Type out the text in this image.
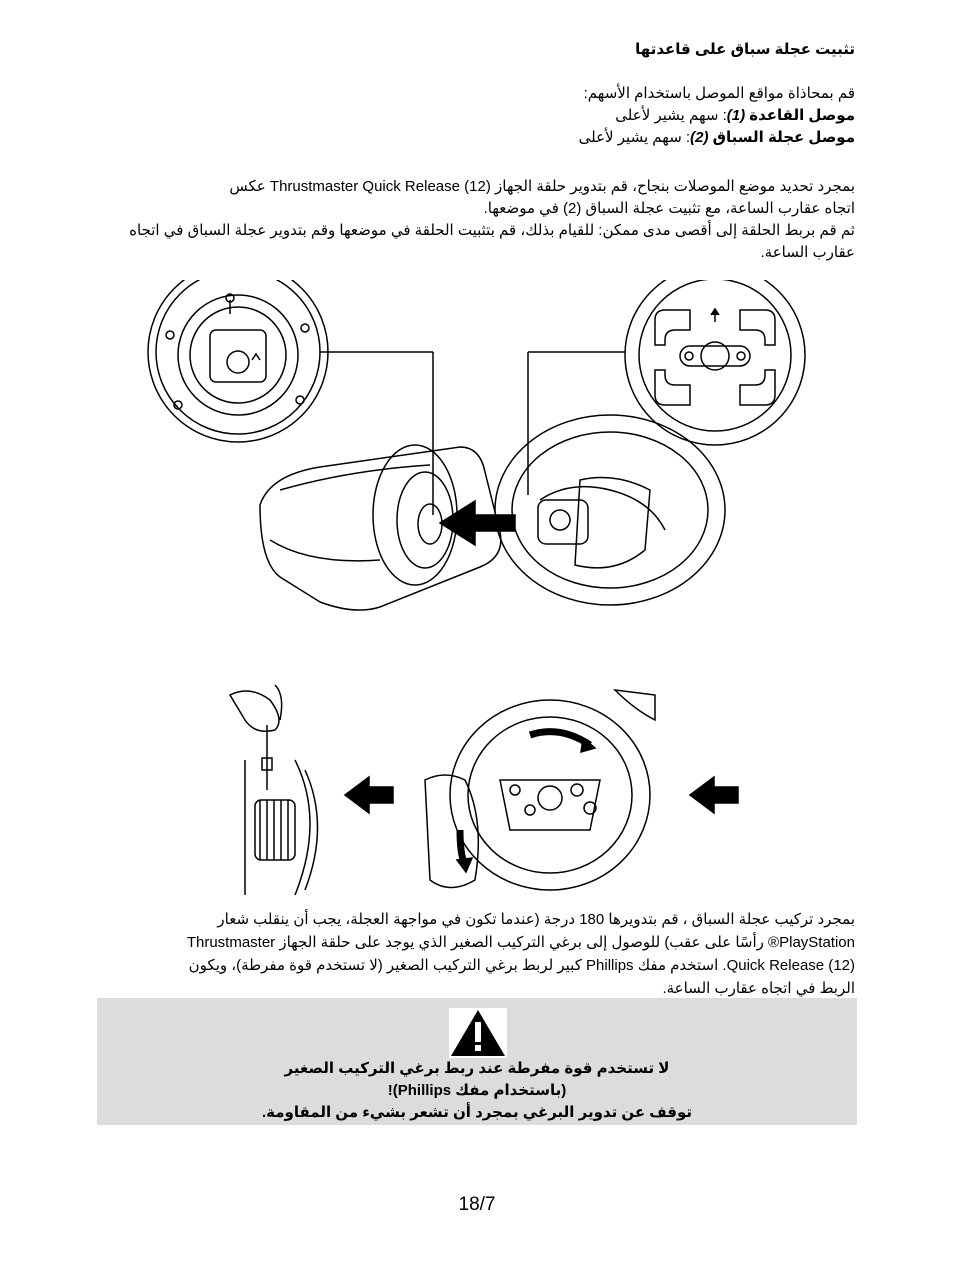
تثبيت عجلة سباق على قاعدتها
قم بمحاذاة مواقع الموصل باستخدام الأسهم:
موصل القاعدة (1): سهم يشير لأعلى
موصل عجلة السباق (2): سهم يشير لأعلى
بمجرد تحديد موضع الموصلات بنجاح، قم بتدوير حلقة الجهاز (12) Thrustmaster Quick Release عكس
اتجاه عقارب الساعة، مع تثبيت عجلة السباق (2) في موضعها.
ثم قم بربط الحلقة إلى أقصى مدى ممكن: للقيام بذلك، قم بتثبيت الحلقة في موضعها وقم بتدوير عجلة السباق في اتجاه
عقارب الساعة.
بمجرد تركيب عجلة السباق ، قم بتدويرها 180 درجة (عندما تكون في مواجهة العجلة، يجب أن ينقلب شعار
PlayStation® رأسًا على عقب) للوصول إلى برغي التركيب الصغير الذي يوجد على حلقة الجهاز Thrustmaster
(12) Quick Release. استخدم مفك Phillips كبير لربط برغي التركيب الصغير (لا تستخدم قوة مفرطة)، ويكون
الربط في اتجاه عقارب الساعة.
لا تستخدم قوة مفرطة عند ربط برغي التركيب الصغير
(باستخدام مفك Phillips)!
توقف عن تدوير البرغي بمجرد أن تشعر بشيء من المقاومة.
18/7
